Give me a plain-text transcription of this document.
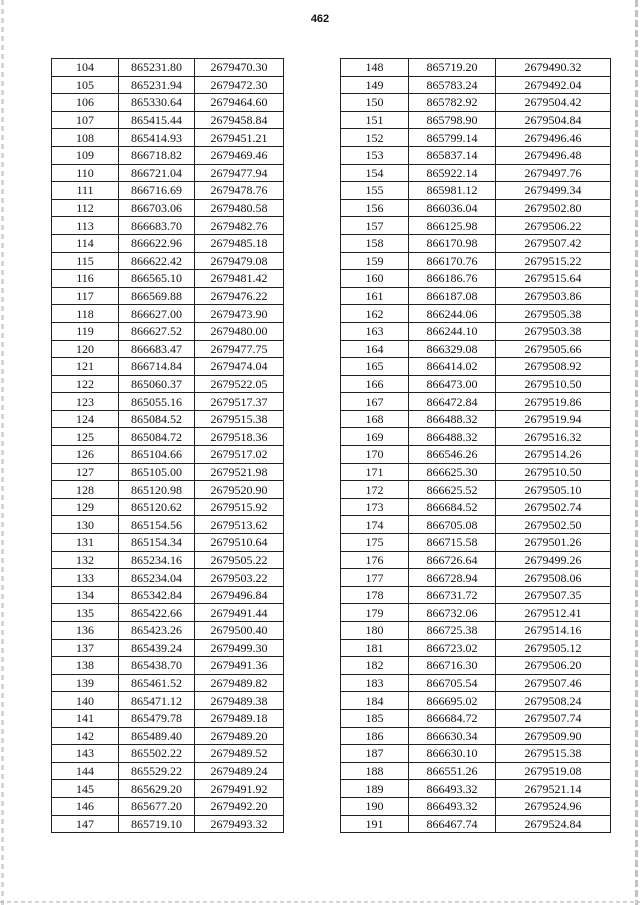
462
104	865231.80	2679470.30
105	865231.94	2679472.30
106	865330.64	2679464.60
107	865415.44	2679458.84
108	865414.93	2679451.21
109	866718.82	2679469.46
110	866721.04	2679477.94
111	866716.69	2679478.76
112	866703.06	2679480.58
113	866683.70	2679482.76
114	866622.96	2679485.18
115	866622.42	2679479.08
116	866565.10	2679481.42
117	866569.88	2679476.22
118	866627.00	2679473.90
119	866627.52	2679480.00
120	866683.47	2679477.75
121	866714.84	2679474.04
122	865060.37	2679522.05
123	865055.16	2679517.37
124	865084.52	2679515.38
125	865084.72	2679518.36
126	865104.66	2679517.02
127	865105.00	2679521.98
128	865120.98	2679520.90
129	865120.62	2679515.92
130	865154.56	2679513.62
131	865154.34	2679510.64
132	865234.16	2679505.22
133	865234.04	2679503.22
134	865342.84	2679496.84
135	865422.66	2679491.44
136	865423.26	2679500.40
137	865439.24	2679499.30
138	865438.70	2679491.36
139	865461.52	2679489.82
140	865471.12	2679489.38
141	865479.78	2679489.18
142	865489.40	2679489.20
143	865502.22	2679489.52
144	865529.22	2679489.24
145	865629.20	2679491.92
146	865677.20	2679492.20
147	865719.10	2679493.32
148	865719.20	2679490.32
149	865783.24	2679492.04
150	865782.92	2679504.42
151	865798.90	2679504.84
152	865799.14	2679496.46
153	865837.14	2679496.48
154	865922.14	2679497.76
155	865981.12	2679499.34
156	866036.04	2679502.80
157	866125.98	2679506.22
158	866170.98	2679507.42
159	866170.76	2679515.22
160	866186.76	2679515.64
161	866187.08	2679503.86
162	866244.06	2679505.38
163	866244.10	2679503.38
164	866329.08	2679505.66
165	866414.02	2679508.92
166	866473.00	2679510.50
167	866472.84	2679519.86
168	866488.32	2679519.94
169	866488.32	2679516.32
170	866546.26	2679514.26
171	866625.30	2679510.50
172	866625.52	2679505.10
173	866684.52	2679502.74
174	866705.08	2679502.50
175	866715.58	2679501.26
176	866726.64	2679499.26
177	866728.94	2679508.06
178	866731.72	2679507.35
179	866732.06	2679512.41
180	866725.38	2679514.16
181	866723.02	2679505.12
182	866716.30	2679506.20
183	866705.54	2679507.46
184	866695.02	2679508.24
185	866684.72	2679507.74
186	866630.34	2679509.90
187	866630.10	2679515.38
188	866551.26	2679519.08
189	866493.32	2679521.14
190	866493.32	2679524.96
191	866467.74	2679524.84
